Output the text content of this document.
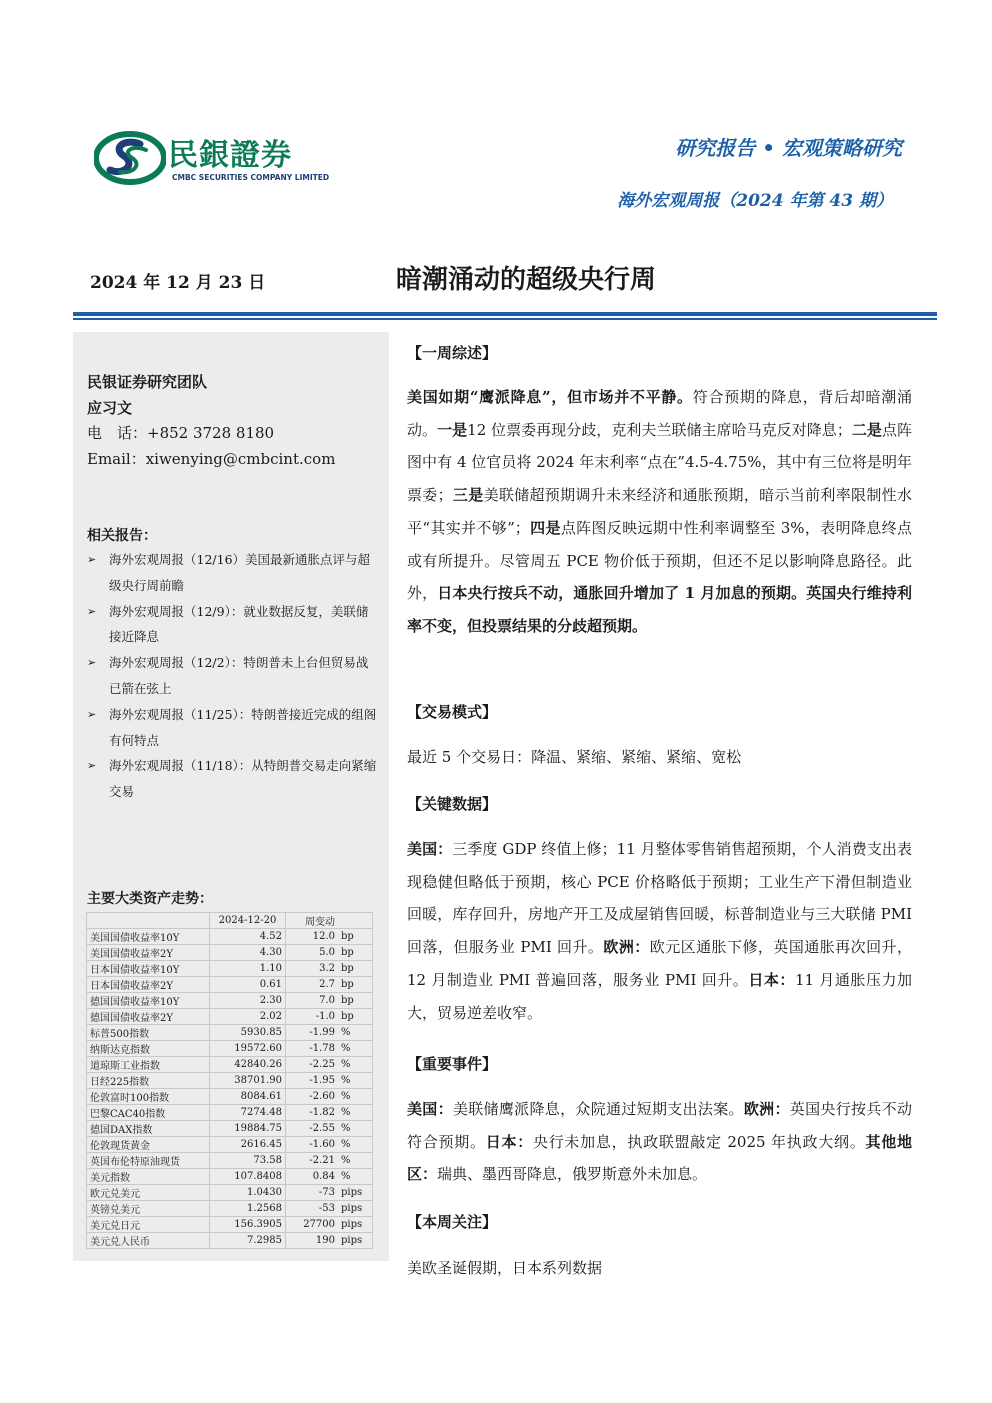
民銀證券
CMBC SECURITIES COMPANY LIMITED
研究报告 • 宏观策略研究
海外宏观周报（2024 年第 43 期）
2024 年 12 月 23 日	暗潮涌动的超级央行周
民银证券研究团队
应习文
电　话：+852 3728 8180
Email：xiwenying@cmbcint.com
相关报告：
➢ 海外宏观周报（12/16）美国最新通胀点评与超级央行周前瞻
➢ 海外宏观周报（12/9）：就业数据反复，美联储接近降息
➢ 海外宏观周报（12/2）：特朗普未上台但贸易战已箭在弦上
➢ 海外宏观周报（11/25）：特朗普接近完成的组阁有何特点
➢ 海外宏观周报（11/18）：从特朗普交易走向紧缩交易
主要大类资产走势：
	2024-12-20	周变动	
美国国债收益率10Y	4.52	12.0	bp
美国国债收益率2Y	4.30	5.0	bp
日本国债收益率10Y	1.10	3.2	bp
日本国债收益率2Y	0.61	2.7	bp
德国国债收益率10Y	2.30	7.0	bp
德国国债收益率2Y	2.02	-1.0	bp
标普500指数	5930.85	-1.99	%
纳斯达克指数	19572.60	-1.78	%
道琼斯工业指数	42840.26	-2.25	%
日经225指数	38701.90	-1.95	%
伦敦富时100指数	8084.61	-2.60	%
巴黎CAC40指数	7274.48	-1.82	%
德国DAX指数	19884.75	-2.55	%
伦敦现货黄金	2616.45	-1.60	%
英国布伦特原油现货	73.58	-2.21	%
美元指数	107.8408	0.84	%
欧元兑美元	1.0430	-73	pips
英镑兑美元	1.2568	-53	pips
美元兑日元	156.3905	27700	pips
美元兑人民币	7.2985	190	pips
【一周综述】
美国如期“鹰派降息”，但市场并不平静。符合预期的降息，背后却暗潮涌动。一是12 位票委再现分歧，克利夫兰联储主席哈马克反对降息；二是点阵图中有 4 位官员将 2024 年末利率“点在”4.5-4.75%，其中有三位将是明年票委；三是美联储超预期调升未来经济和通胀预期，暗示当前利率限制性水平“其实并不够”；四是点阵图反映远期中性利率调整至 3%，表明降息终点或有所提升。尽管周五 PCE 物价低于预期，但还不足以影响降息路径。此外，日本央行按兵不动，通胀回升增加了 1 月加息的预期。英国央行维持利率不变，但投票结果的分歧超预期。
【交易模式】
最近 5 个交易日：降温、紧缩、紧缩、紧缩、宽松
【关键数据】
美国：三季度 GDP 终值上修；11 月整体零售销售超预期，个人消费支出表现稳健但略低于预期，核心 PCE 价格略低于预期；工业生产下滑但制造业回暖，库存回升，房地产开工及成屋销售回暖，标普制造业与三大联储 PMI 回落，但服务业 PMI 回升。欧洲：欧元区通胀下修，英国通胀再次回升，12 月制造业 PMI 普遍回落，服务业 PMI 回升。日本：11 月通胀压力加大，贸易逆差收窄。
【重要事件】
美国：美联储鹰派降息，众院通过短期支出法案。欧洲：英国央行按兵不动符合预期。日本：央行未加息，执政联盟敲定 2025 年执政大纲。其他地区：瑞典、墨西哥降息，俄罗斯意外未加息。
【本周关注】
美欧圣诞假期，日本系列数据
